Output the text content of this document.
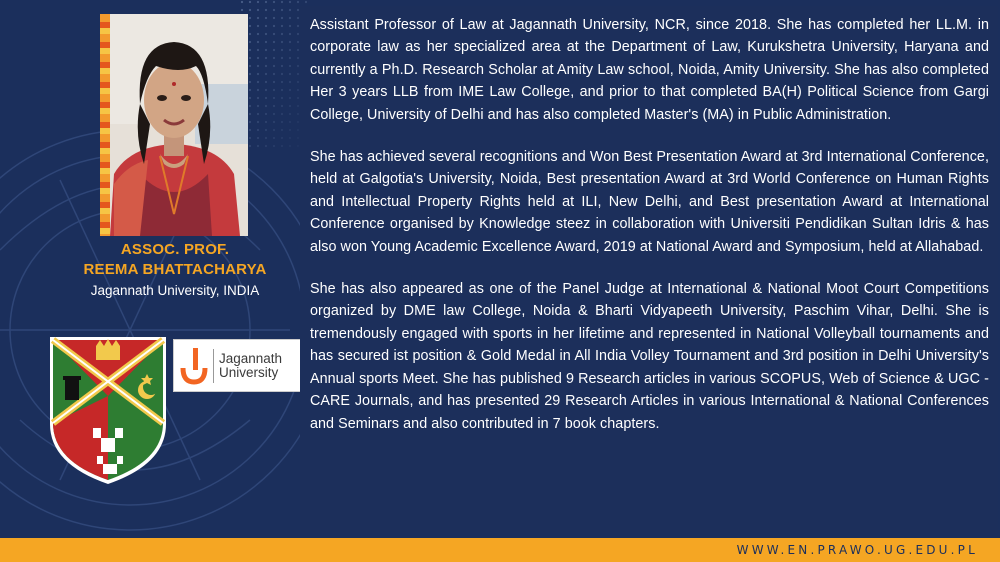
ASSOC. PROF.
REEMA BHATTACHARYA
Jagannath University, INDIA
Jagannath
University

Assistant Professor of Law at Jagannath University, NCR, since 2018. She has completed her LL.M. in corporate law as her specialized area at the Department of Law, Kurukshetra University, Haryana and currently a Ph.D. Research Scholar at Amity Law school, Noida, Amity University. She has also completed Her 3 years LLB from IME Law College, and prior to that completed BA(H) Political Science from Gargi College, University of Delhi and has also completed Master's (MA) in Public Administration.

She has achieved several recognitions and Won Best Presentation Award at 3rd International Conference, held at Galgotia's University, Noida, Best presentation Award at 3rd World Conference on Human Rights and Intellectual Property Rights held at ILI, New Delhi, and Best presentation Award at International Conference organised by Knowledge steez in collaboration with Universiti Pendidikan Sultan Idris & has also won Young Academic Excellence Award, 2019 at National Award and Symposium, held at Allahabad.

She has also appeared as one of the Panel Judge at International & National Moot Court Competitions organized by DME law College, Noida & Bharti Vidyapeeth University, Paschim Vihar, Delhi. She is tremendously engaged with sports in her lifetime and represented in National Volleyball tournaments and has secured ist position & Gold Medal in All India Volley Tournament and 3rd position in Delhi University's Annual sports Meet. She has published 9 Research articles in various SCOPUS, Web of Science & UGC - CARE Journals, and has presented 29 Research Articles in various International & National Conferences and Seminars and also contributed in 7 book chapters.

WWW.EN.PRAWO.UG.EDU.PL
